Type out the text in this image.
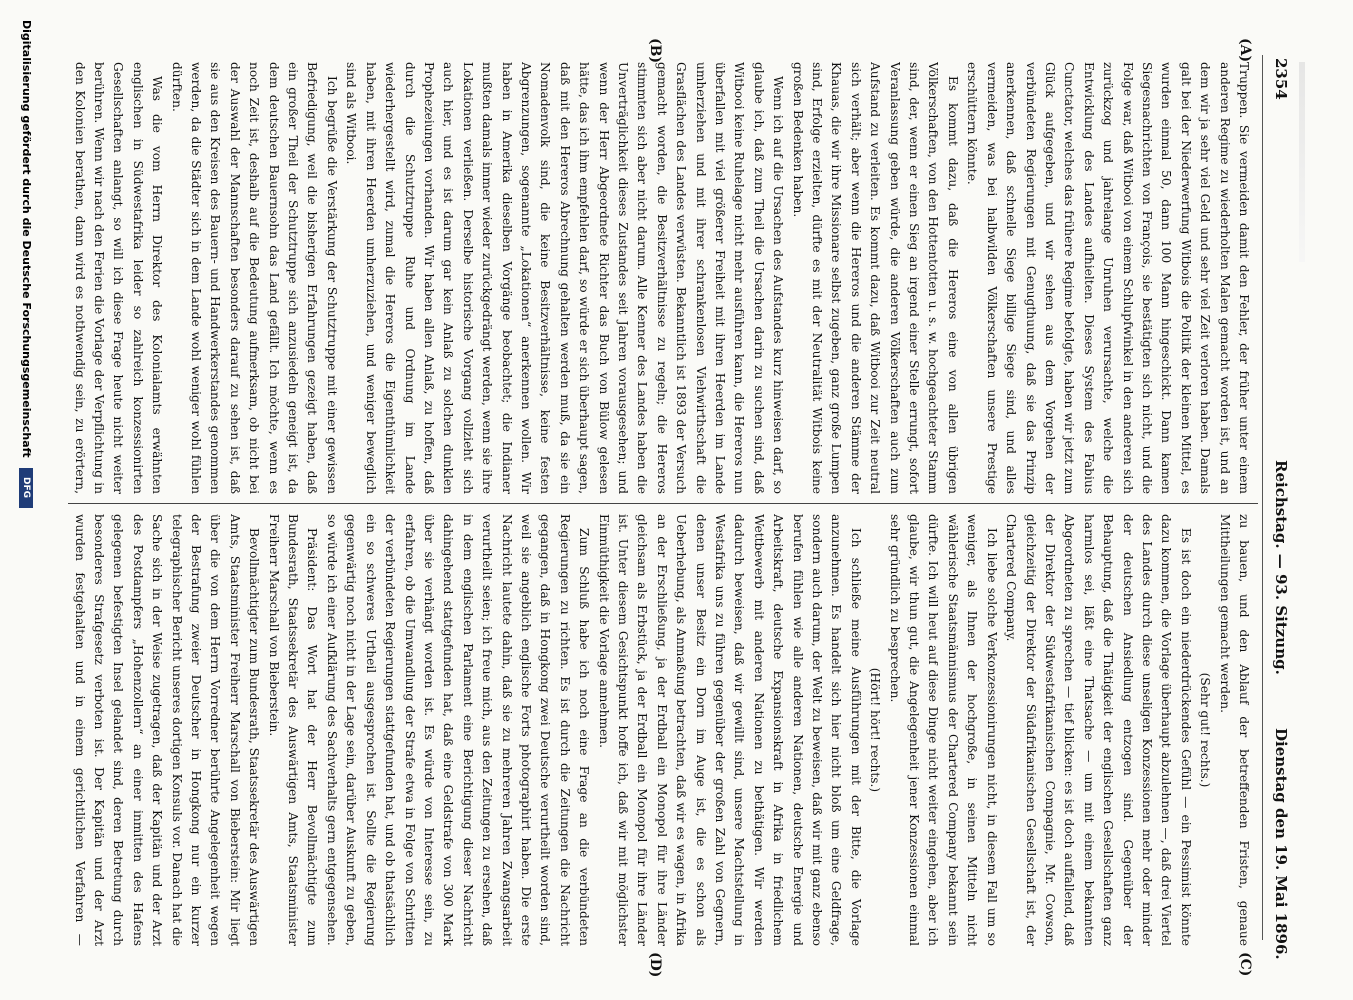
2354
Reichstag. — 93. Sitzung.
Dienstag den 19. Mai 1896.
(A)
(B)
(C)
(D)

Truppen. Sie vermeiden damit den Fehler, der früher unter einem anderen Regime zu wiederholten Malen gemacht worden ist, und an dem wir ja sehr viel Geld und sehr viel Zeit verloren haben. Damals galt bei der Niederwerfung Witbois die Politik der kleinen Mittel, es wurden einmal 50, dann 100 Mann hingeschickt. Dann kamen Siegesnachrichten von François, sie bestätigten sich nicht, und die Folge war, daß Witbooi von einem Schlupfwinkel in den anderen sich zurückzog und jahrelange Unruhen verursachte, welche die Entwicklung des Landes aufhielten. Dieses System des Fabius Cunctator, welches das frühere Regime befolgte, haben wir jetzt zum Glück aufgegeben, und wir sehen aus dem Vorgehen der verbündeten Regierungen mit Genugthuung, daß sie das Prinzip anerkennen, daß schnelle Siege billige Siege sind, und alles vermeiden, was bei halbwilden Völkerschaften unsere Prestige erschüttern könnte.

Es kommt dazu, daß die Hereros eine von allen übrigen Völkerschaften, von den Hottentotten u. s. w. hochgeachteter Stamm sind, der, wenn er einen Sieg an irgend einer Stelle errungt, sofort Veranlassung geben würde, die anderen Völkerschaften auch zum Aufstand zu verleiten. Es kommt dazu, daß Witbooi zur Zeit neutral sich verhält; aber wenn die Hereros und die anderen Stämme der Khauas, die wir ihre Missionare selbst zugeben, ganz große Lumpen sind, Erfolge erzielten, dürfte es mit der Neutralität Witbois keine großen Bedenken haben.

Wenn ich auf die Ursachen des Aufstandes kurz hinweisen darf, so glaube ich, daß zum Theil die Ursachen darin zu suchen sind, daß Witbooi keine Ruhelage nicht mehr ausführen kann, die Hereros nun überfallen mit viel größerer Freiheit mit ihren Heerden im Lande umherziehen und mit ihrer schrankenlosen Viehwirthschaft die Grasflächen des Landes verwüsten. Bekanntlich ist 1893 der Versuch gemacht worden, die Besitzverhältnisse zu regeln; die Hereros stimmten sich aber nicht darum. Alle Kenner des Landes haben die Unverträglichkeit dieses Zustandes seit Jahren vorausgesehen; und wenn der Herr Abgeordnete Richter das Buch von Bülow gelesen hätte, das ich ihm empfehlen darf, so würde er sich überhaupt sagen, daß mit den Hereros Abrechnung gehalten werden muß, da sie ein Nomadenvolk sind, die keine Besitzverhältnisse, keine festen Abgrenzungen, sogenannte „Lokationen“ anerkennen wollen. Wir haben in Amerika dieselben Vorgänge beobachtet; die Indianer mußten damals immer wieder zurückgedrängt werden, wenn sie ihre Lokationen verließen. Derselbe historische Vorgang vollzieht sich auch hier, und es ist darum gar kein Anlaß zu solchen dunklen Prophezeiungen vorhanden. Wir haben allen Anlaß, zu hoffen, daß durch die Schutztruppe Ruhe und Ordnung im Lande wiederhergestellt wird, zumal die Hereros die Eigenthümlichkeit haben, mit ihren Heerden umherzuziehen, und weniger beweglich sind als Witbooi.

Ich begrüße die Verstärkung der Schutztruppe mit einer gewissen Befriedigung, weil die bisherigen Erfahrungen gezeigt haben, daß ein großer Theil der Schutztruppe sich anzusiedeln geneigt ist, da dem deutschen Bauernsohn das Land gefällt. Ich möchte, wenn es noch Zeit ist, deshalb auf die Bedeutung aufmerksam, ob nicht bei der Auswahl der Mannschaften besonders darauf zu sehen ist, daß sie aus den Kreisen des Bauern- und Handwerkerstandes genommen werden, da die Städter sich in dem Lande wohl weniger wohl fühlen dürften.

Was die vom Herrn Direktor des Kolonialamts erwähnten englischen in Südwestafrika leider so zahlreich konzessionirten Gesellschaften anlangt, so will ich diese Frage heute nicht weiter berühren. Wenn wir nach den Ferien die Vorlage der Verpflichtung in den Kolonien berathen, dann wird es nothwendig sein, zu erörtern,

zu bauen, und den Ablauf der betreffenden Fristen, genaue Mittheilungen gemacht werden.

(Sehr gut! rechts.)

Es ist doch ein niederdrückendes Gefühl — ein Pessimist könnte dazu kommen, die Vorlage überhaupt abzulehnen —, daß drei Viertel des Landes durch diese unseligen Konzessionen mehr oder minder der deutschen Ansiedlung entzogen sind. Gegenüber der Behauptung, daß die Thätigkeit der englischen Gesellschaften ganz harmlos sei, läßt eine Thatsache — um mit einem bekannten Abgeordneten zu sprechen — tief blicken: es ist doch auffallend, daß der Direktor der Südwestafrikanischen Compagnie, Mr. Cowson, gleichzeitig der Direktor der Südafrikanischen Gesellschaft ist, der Chartered Company.

Ich liebe solche Verkonzessionirungen nicht, in diesem Fall um so weniger, als Ihnen der hochgroße, in seinen Mitteln nicht wählerische Staatsmännismus der Chartered Company bekannt sein dürfte. Ich will heut auf diese Dinge nicht weiter eingehen, aber ich glaube, wir thun gut, die Angelegenheit jener Konzessionen einmal sehr gründlich zu besprechen.

(Hört! hört! rechts.)

Ich schließe meine Ausführungen mit der Bitte, die Vorlage anzunehmen. Es handelt sich hier nicht bloß um eine Geldfrage, sondern auch darum, der Welt zu beweisen, daß wir mit ganz ebenso berufen fühlen wie alle anderen Nationen, deutsche Energie und Arbeitskraft, deutsche Expansionskraft in Afrika in friedlichem Wettbewerb mit anderen Nationen zu bethätigen. Wir werden dadurch beweisen, daß wir gewillt sind, unsere Machtstellung in Westafrika uns zu führen gegenüber der großen Zahl von Gegnern, denen unser Besitz ein Dorn im Auge ist, die es schon als Ueberhebung, als Anmaßung betrachten, daß wir es wagen, in Afrika an der Erschließung, ja der Erdball ein Monopol für ihre Länder gleichsam als Erbstück, ja der Erdball ein Monopol für ihre Länder ist. Unter diesem Gesichtspunkt hoffe ich, daß wir mit möglichster Einmüthigkeit die Vorlage annehmen.

Zum Schluß habe ich noch eine Frage an die verbündeten Regierungen zu richten. Es ist durch die Zeitungen die Nachricht gegangen, daß in Hongkong zwei Deutsche verurtheilt worden sind, weil sie angeblich englische Forts photographirt haben. Die erste Nachricht lautete dahin, daß sie zu mehreren Jahren Zwangsarbeit verurtheilt seien; ich freue mich, aus den Zeitungen zu ersehen, daß in dem englischen Parlament eine Berichtigung dieser Nachricht dahingehend stattgefunden hat, daß eine Geldstrafe von 300 Mark über sie verhängt worden ist. Es würde von Interesse sein, zu erfahren, ob die Umwandlung der Strafe etwa in Folge von Schritten der verbündeten Regierungen stattgefunden hat, und ob thatsächlich ein so schweres Urtheil ausgesprochen ist. Sollte die Regierung gegenwärtig noch nicht in der Lage sein, darüber Auskunft zu geben, so würde ich einer Aufklärung des Sachverhalts gern entgegensehen.

Präsident: Das Wort hat der Herr Bevollmächtigte zum Bundesrath, Staatssekretär des Auswärtigen Amts, Staatsminister Freiherr Marschall von Bieberstein.

Bevollmächtigter zum Bundesrath, Staatssekretär des Auswärtigen Amts, Staatsminister Freiherr Marschall von Bieberstein: Mir liegt über die von dem Herrn Vorredner berührte Angelegenheit wegen der Bestrafung zweier Deutscher in Hongkong nur ein kurzer telegraphischer Bericht unseres dortigen Konsuls vor. Danach hat die Sache sich in der Weise zugetragen, daß der Kapitän und der Arzt des Postdampfers „Hohenzollern“ an einer inmitten des Hafens gelegenen befestigten Insel gelandet sind, deren Betretung durch besonderes Strafgesetz verboten ist. Der Kapitän und der Arzt wurden festgehalten und in einem gerichtlichen Verfahren —

Digitalisierung gefördert durch die Deutsche Forschungsgemeinschaft DFG
